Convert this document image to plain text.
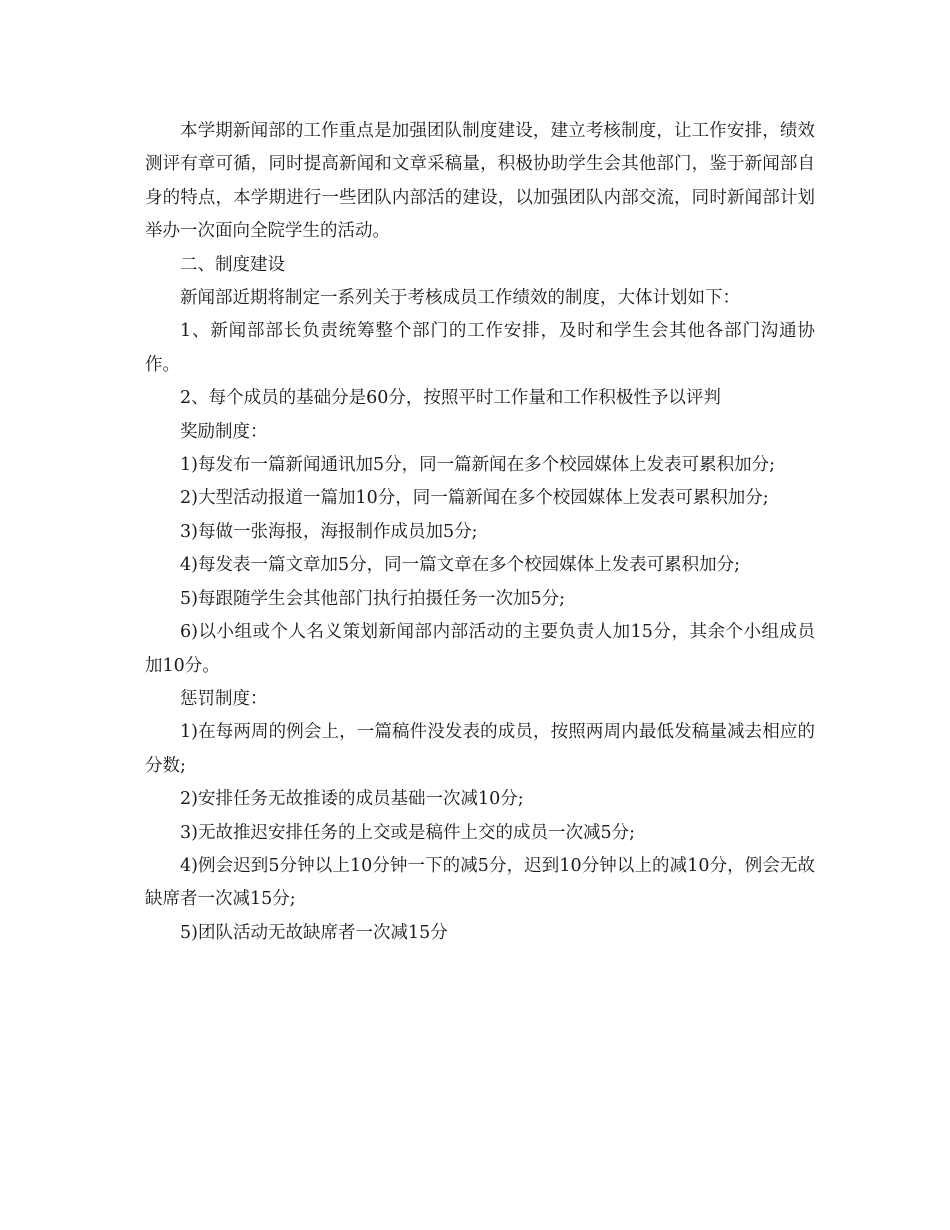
本学期新闻部的工作重点是加强团队制度建设，建立考核制度，让工作安排，绩效测评有章可循，同时提高新闻和文章采稿量，积极协助学生会其他部门，鉴于新闻部自身的特点，本学期进行一些团队内部活的建设，以加强团队内部交流，同时新闻部计划举办一次面向全院学生的活动。

二、制度建设

新闻部近期将制定一系列关于考核成员工作绩效的制度，大体计划如下：

1、新闻部部长负责统筹整个部门的工作安排，及时和学生会其他各部门沟通协作。

2、每个成员的基础分是60分，按照平时工作量和工作积极性予以评判

奖励制度：

1)每发布一篇新闻通讯加5分，同一篇新闻在多个校园媒体上发表可累积加分;

2)大型活动报道一篇加10分，同一篇新闻在多个校园媒体上发表可累积加分;

3)每做一张海报，海报制作成员加5分;

4)每发表一篇文章加5分，同一篇文章在多个校园媒体上发表可累积加分;

5)每跟随学生会其他部门执行拍摄任务一次加5分;

6)以小组或个人名义策划新闻部内部活动的主要负责人加15分，其余个小组成员加10分。

惩罚制度：

1)在每两周的例会上，一篇稿件没发表的成员，按照两周内最低发稿量减去相应的分数;

2)安排任务无故推诿的成员基础一次减10分;

3)无故推迟安排任务的上交或是稿件上交的成员一次减5分;

4)例会迟到5分钟以上10分钟一下的减5分，迟到10分钟以上的减10分，例会无故缺席者一次减15分;

5)团队活动无故缺席者一次减15分
